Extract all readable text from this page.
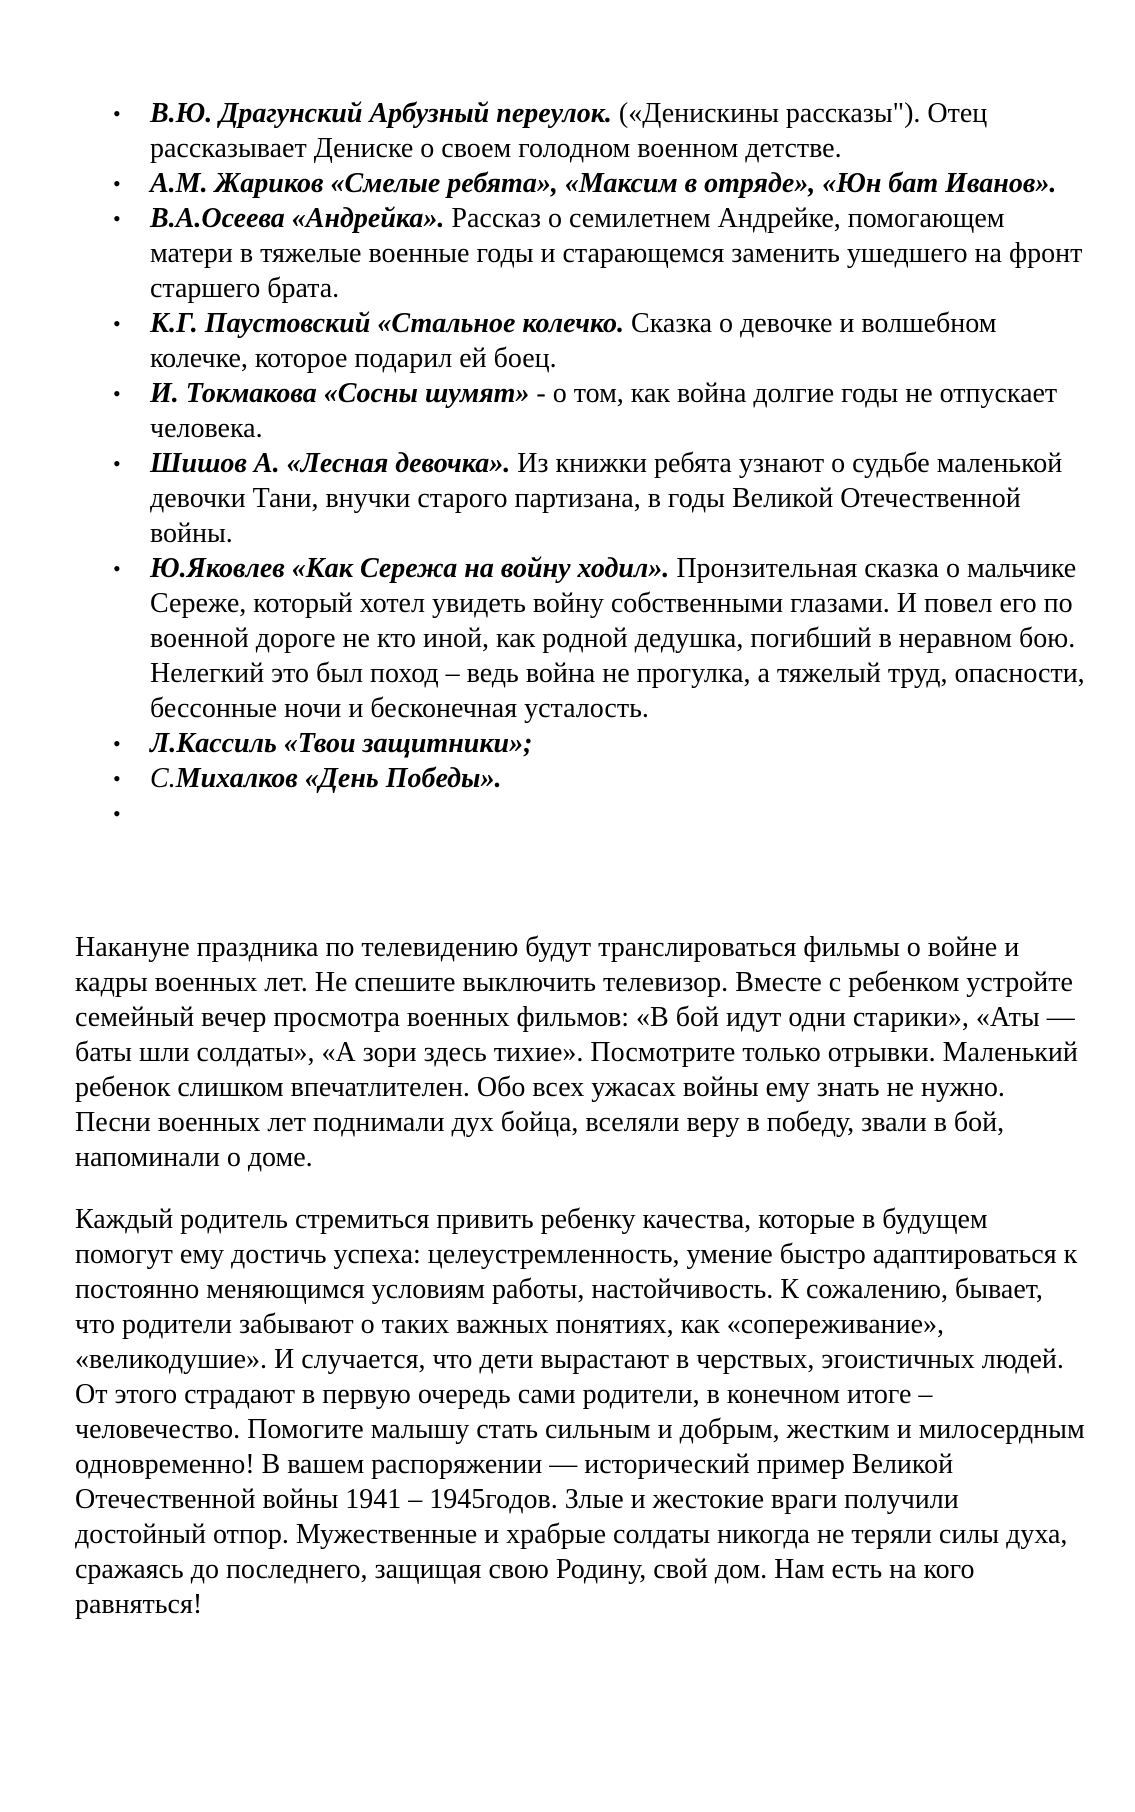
• В.Ю. Драгунский Арбузный переулок. («Денискины рассказы"). Отец рассказывает Дениске о своем голодном военном детстве.
• А.М. Жариков «Смелые ребята», «Максим в отряде», «Юн бат Иванов».
• В.А.Осеева «Андрейка». Рассказ о семилетнем Андрейке, помогающем матери в тяжелые военные годы и старающемся заменить ушедшего на фронт старшего брата.
• К.Г. Паустовский «Стальное колечко. Сказка о девочке и волшебном колечке, которое подарил ей боец.
• И. Токмакова «Сосны шумят» - о том, как война долгие годы не отпускает человека.
• Шишов А. «Лесная девочка». Из книжки ребята узнают о судьбе маленькой девочки Тани, внучки старого партизана, в годы Великой Отечественной войны.
• Ю.Яковлев «Как Сережа на войну ходил». Пронзительная сказка о мальчике Сереже, который хотел увидеть войну собственными глазами. И повел его по военной дороге не кто иной, как родной дедушка, погибший в неравном бою. Нелегкий это был поход – ведь война не прогулка, а тяжелый труд, опасности, бессонные ночи и бесконечная усталость.
• Л.Кассиль «Твои защитники»;
• С.Михалков «День Победы».
•

Накануне праздника по телевидению будут транслироваться фильмы о войне и кадры военных лет. Не спешите выключить телевизор. Вместе с ребенком устройте семейный вечер просмотра военных фильмов: «В бой идут одни старики», «Аты — баты шли солдаты», «А зори здесь тихие». Посмотрите только отрывки. Маленький ребенок слишком впечатлителен. Обо всех ужасах войны ему знать не нужно. Песни военных лет поднимали дух бойца, вселяли веру в победу, звали в бой, напоминали о доме.

Каждый родитель стремиться привить ребенку качества, которые в будущем помогут ему достичь успеха: целеустремленность, умение быстро адаптироваться к постоянно меняющимся условиям работы, настойчивость. К сожалению, бывает, что родители забывают о таких важных понятиях, как «сопереживание», «великодушие». И случается, что дети вырастают в черствых, эгоистичных людей. От этого страдают в первую очередь сами родители, в конечном итоге – человечество. Помогите малышу стать сильным и добрым, жестким и милосердным одновременно! В вашем распоряжении — исторический пример Великой Отечественной войны 1941 – 1945годов. Злые и жестокие враги получили достойный отпор. Мужественные и храбрые солдаты никогда не теряли силы духа, сражаясь до последнего, защищая свою Родину, свой дом. Нам есть на кого равняться!
